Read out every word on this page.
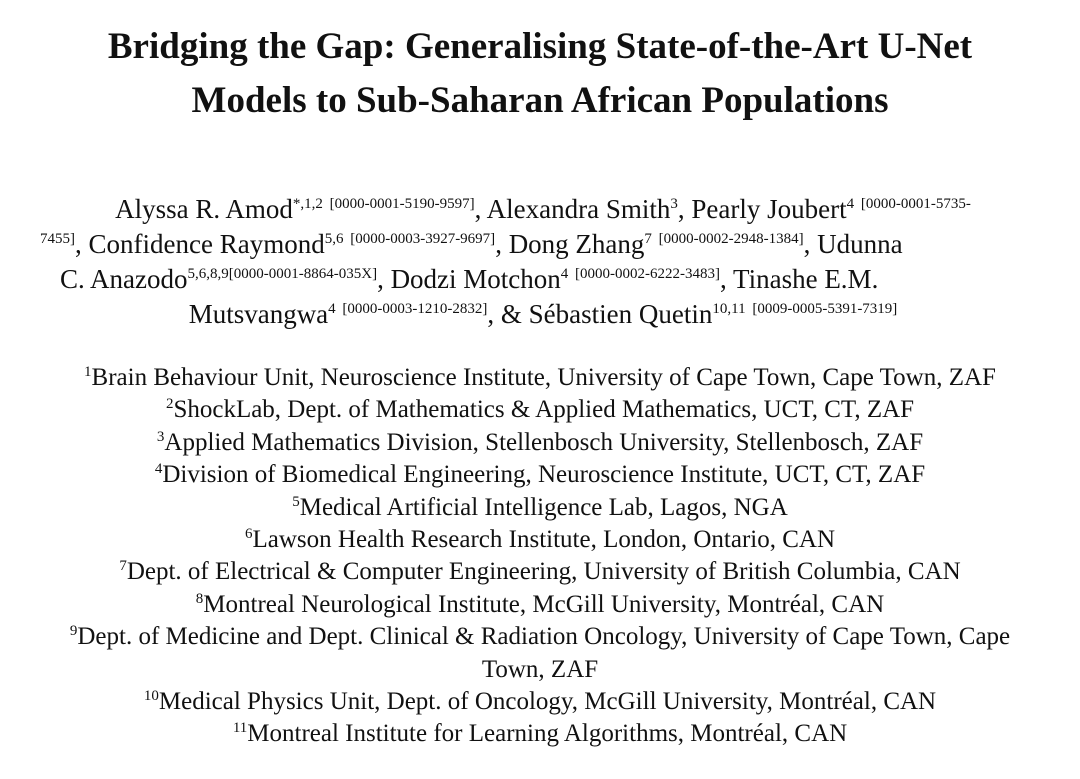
Bridging the Gap: Generalising State-of-the-Art U-Net
Models to Sub-Saharan African Populations
Alyssa R. Amod$^{*,1,2}$ [0000-0001-5190-9597], Alexandra Smith$^3$, Pearly Joubert$^4$ $^{[0000-0001-5735-}$
$^{7455]}$, Confidence Raymond$^{5,6}$ [0000-0003-3927-9697], Dong Zhang$^7$ [0000-0002-2948-1384], Udunna
C. Anazodo$^{5,6,8,9[0000-0001-8864-035X]}$, Dodzi Motchon$^4$ [0000-0002-6222-3483], Tinashe E.M.
Mutsvangwa$^4$ [0000-0003-1210-2832], & Sébastien Quetin$^{10,11}$ [0009-0005-5391-7319]
$^1$Brain Behaviour Unit, Neuroscience Institute, University of Cape Town, Cape Town, ZAF
$^2$ShockLab, Dept. of Mathematics & Applied Mathematics, UCT, CT, ZAF
$^3$Applied Mathematics Division, Stellenbosch University, Stellenbosch, ZAF
$^4$Division of Biomedical Engineering, Neuroscience Institute, UCT, CT, ZAF
$^5$Medical Artificial Intelligence Lab, Lagos, NGA
$^6$Lawson Health Research Institute, London, Ontario, CAN
$^7$Dept. of Electrical & Computer Engineering, University of British Columbia, CAN
$^8$Montreal Neurological Institute, McGill University, Montréal, CAN
$^9$Dept. of Medicine and Dept. Clinical & Radiation Oncology, University of Cape Town, Cape
Town, ZAF
$^{10}$Medical Physics Unit, Dept. of Oncology, McGill University, Montréal, CAN
$^{11}$Montreal Institute for Learning Algorithms, Montréal, CAN
